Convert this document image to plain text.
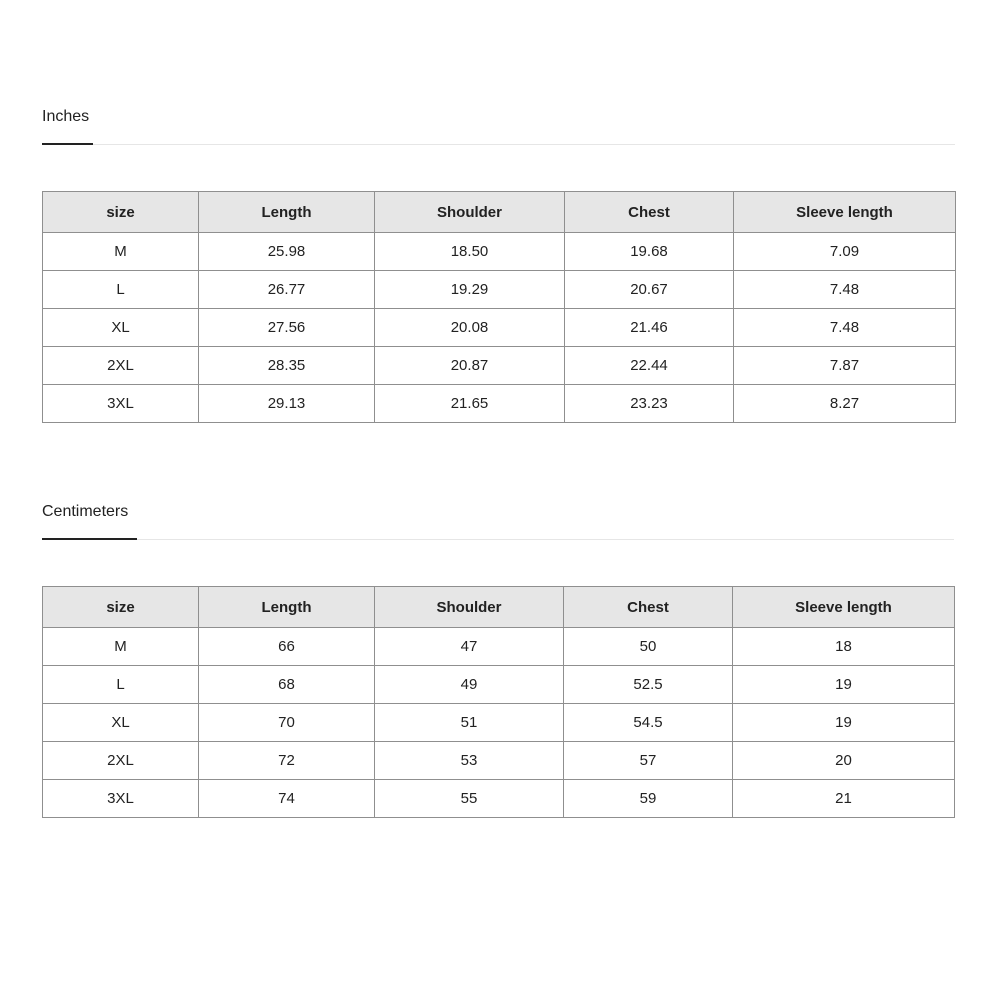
Inches
size	Length	Shoulder	Chest	Sleeve length
M	25.98	18.50	19.68	7.09
L	26.77	19.29	20.67	7.48
XL	27.56	20.08	21.46	7.48
2XL	28.35	20.87	22.44	7.87
3XL	29.13	21.65	23.23	8.27
Centimeters
size	Length	Shoulder	Chest	Sleeve length
M	66	47	50	18
L	68	49	52.5	19
XL	70	51	54.5	19
2XL	72	53	57	20
3XL	74	55	59	21
